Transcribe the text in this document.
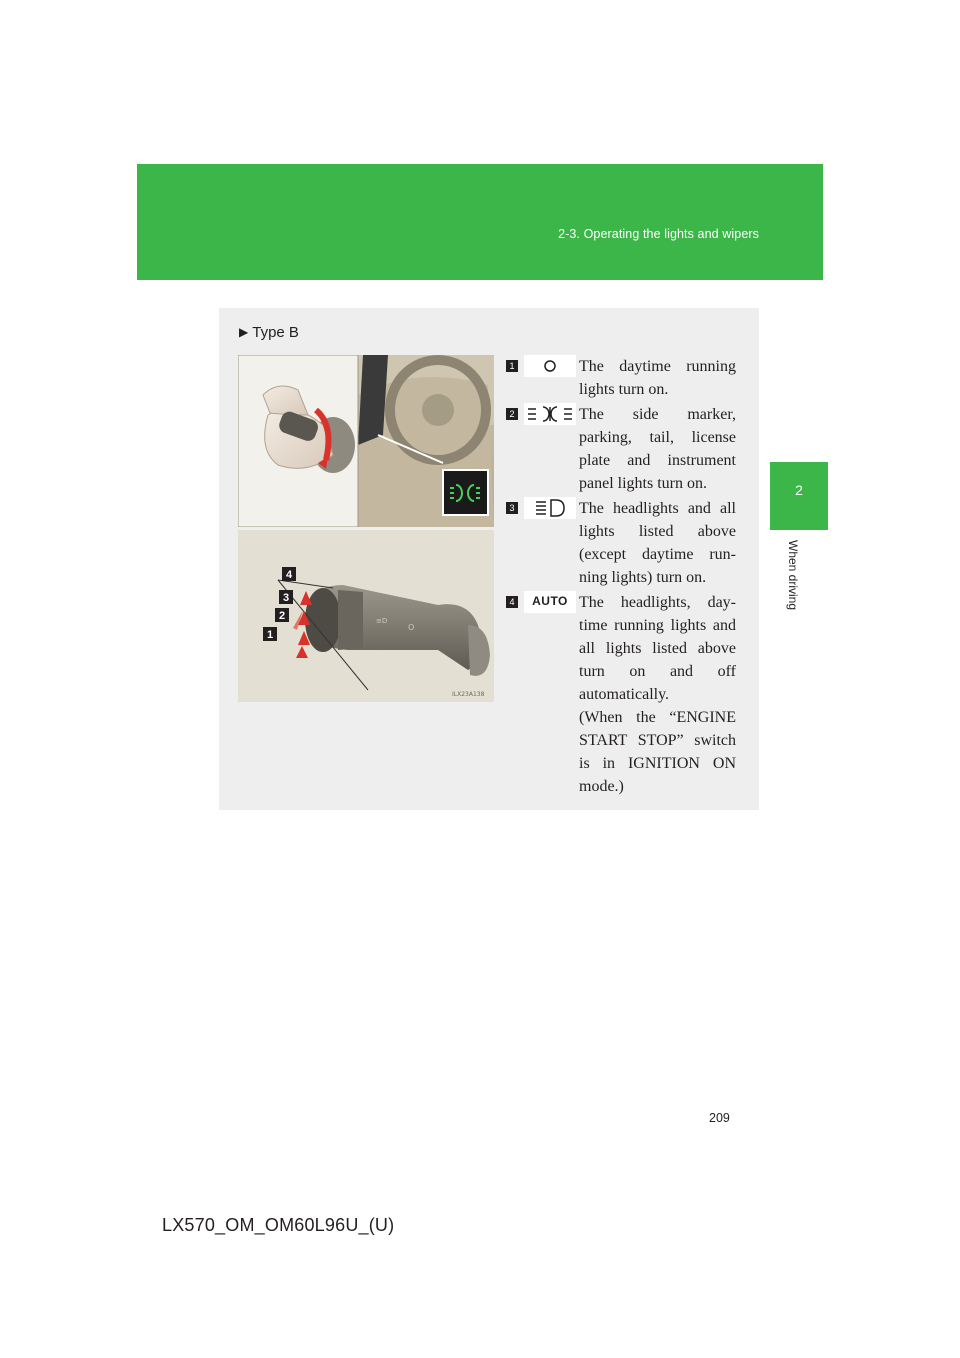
2-3. Operating the lights and wipers
2
When driving
▶ Type B
O
≡D
4
3
2
1
ILX23A138
1	The daytime running lights turn on.
2	The side marker, parking, tail, license plate and instrument panel lights turn on.
3	The headlights and all lights listed above (except daytime run-ning lights) turn on.
4	AUTO The headlights, day-time running lights and all lights listed above turn on and off automatically.
(When the “ENGINE START STOP” switch is in IGNITION ON mode.)
209
LX570_OM_OM60L96U_(U)
